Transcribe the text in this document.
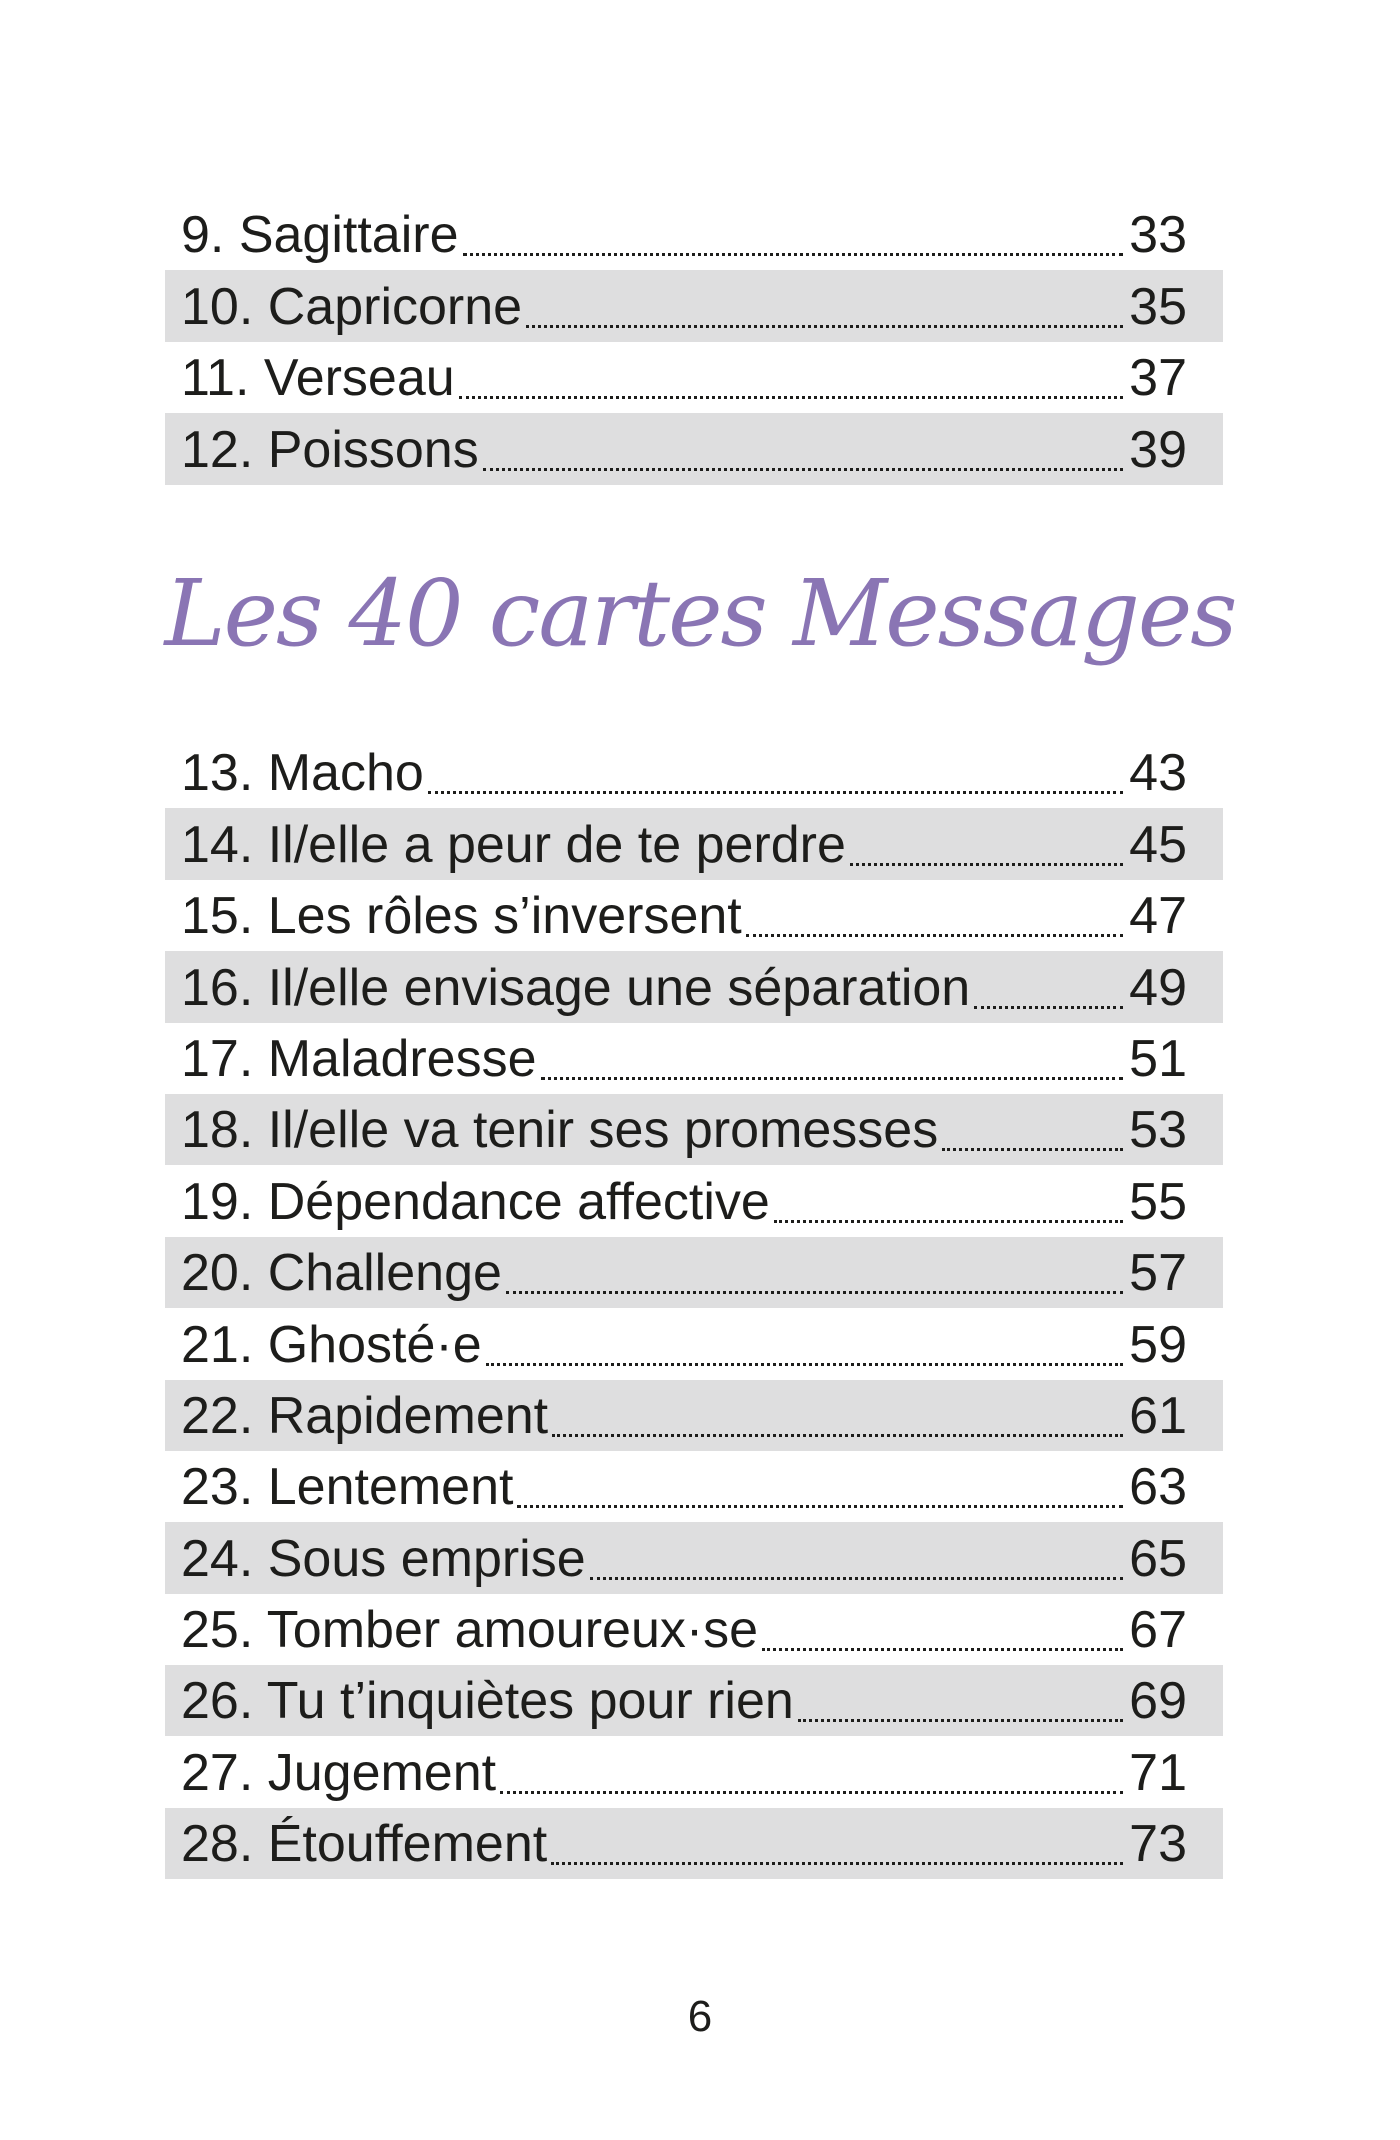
9. Sagittaire	33
10. Capricorne	35
11. Verseau	37
12. Poissons	39
Les 40 cartes Messages
13. Macho	43
14. Il/elle a peur de te perdre	45
15. Les rôles s’inversent	47
16. Il/elle envisage une séparation	49
17. Maladresse	51
18. Il/elle va tenir ses promesses	53
19. Dépendance affective	55
20. Challenge	57
21. Ghosté·e	59
22. Rapidement	61
23. Lentement	63
24. Sous emprise	65
25. Tomber amoureux·se	67
26. Tu t’inquiètes pour rien	69
27. Jugement	71
28. Étouffement	73
6
